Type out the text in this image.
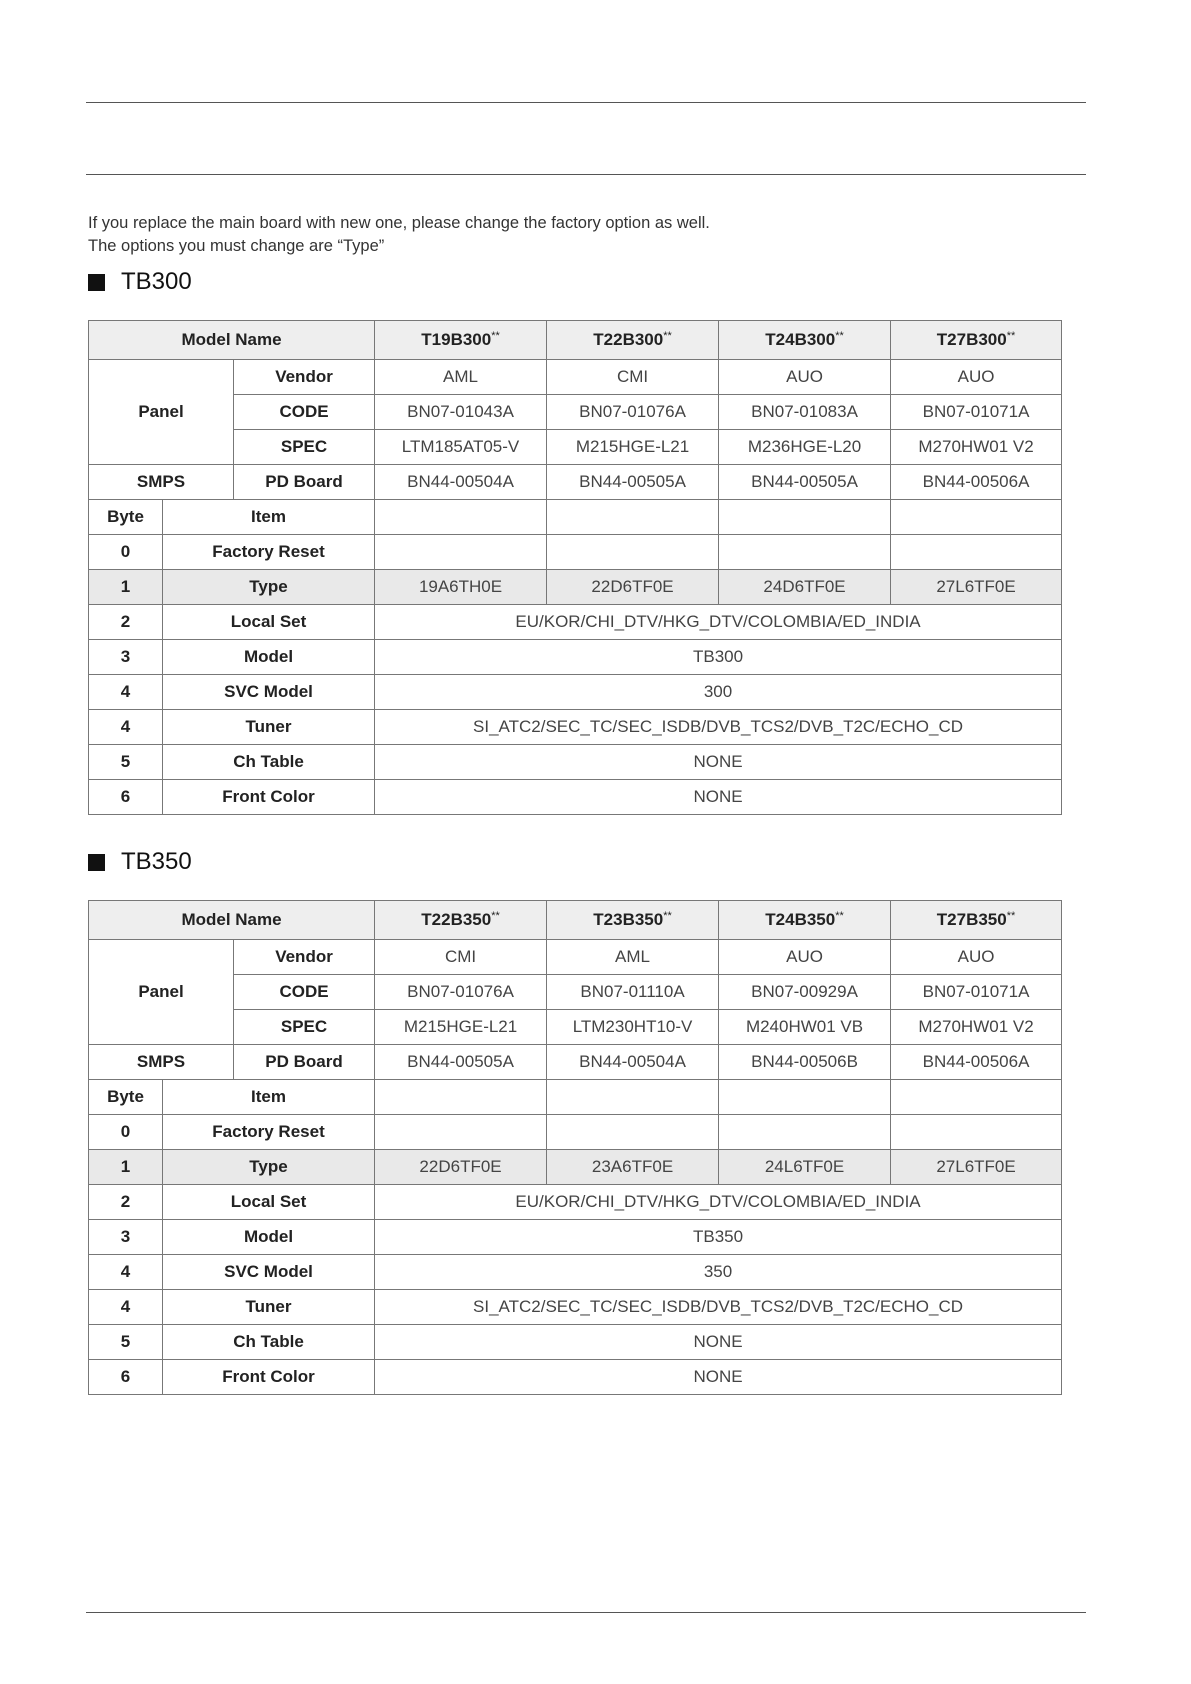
If you replace the main board with new one, please change the factory option as well.
The options you must change are “Type”
TB300
Model Name			T19B300**	T22B300**	T24B300**	T27B300**
Panel		Vendor	AML	CMI	AUO	AUO
		CODE	BN07-01043A	BN07-01076A	BN07-01083A	BN07-01071A
		SPEC	LTM185AT05-V	M215HGE-L21	M236HGE-L20	M270HW01 V2
SMPS		PD Board	BN44-00504A	BN44-00505A	BN44-00505A	BN44-00506A
Byte	Item					
0	Factory Reset					
1	Type		19A6TH0E	22D6TF0E	24D6TF0E	27L6TF0E
2	Local Set		EU/KOR/CHI_DTV/HKG_DTV/COLOMBIA/ED_INDIA			
3	Model		TB300			
4	SVC Model		300			
4	Tuner		SI_ATC2/SEC_TC/SEC_ISDB/DVB_TCS2/DVB_T2C/ECHO_CD			
5	Ch Table		NONE			
6	Front Color		NONE			
TB350
Model Name			T22B350**	T23B350**	T24B350**	T27B350**
Panel		Vendor	CMI	AML	AUO	AUO
		CODE	BN07-01076A	BN07-01110A	BN07-00929A	BN07-01071A
		SPEC	M215HGE-L21	LTM230HT10-V	M240HW01 VB	M270HW01 V2
SMPS		PD Board	BN44-00505A	BN44-00504A	BN44-00506B	BN44-00506A
Byte	Item					
0	Factory Reset					
1	Type		22D6TF0E	23A6TF0E	24L6TF0E	27L6TF0E
2	Local Set		EU/KOR/CHI_DTV/HKG_DTV/COLOMBIA/ED_INDIA			
3	Model		TB350			
4	SVC Model		350			
4	Tuner		SI_ATC2/SEC_TC/SEC_ISDB/DVB_TCS2/DVB_T2C/ECHO_CD			
5	Ch Table		NONE			
6	Front Color		NONE			
